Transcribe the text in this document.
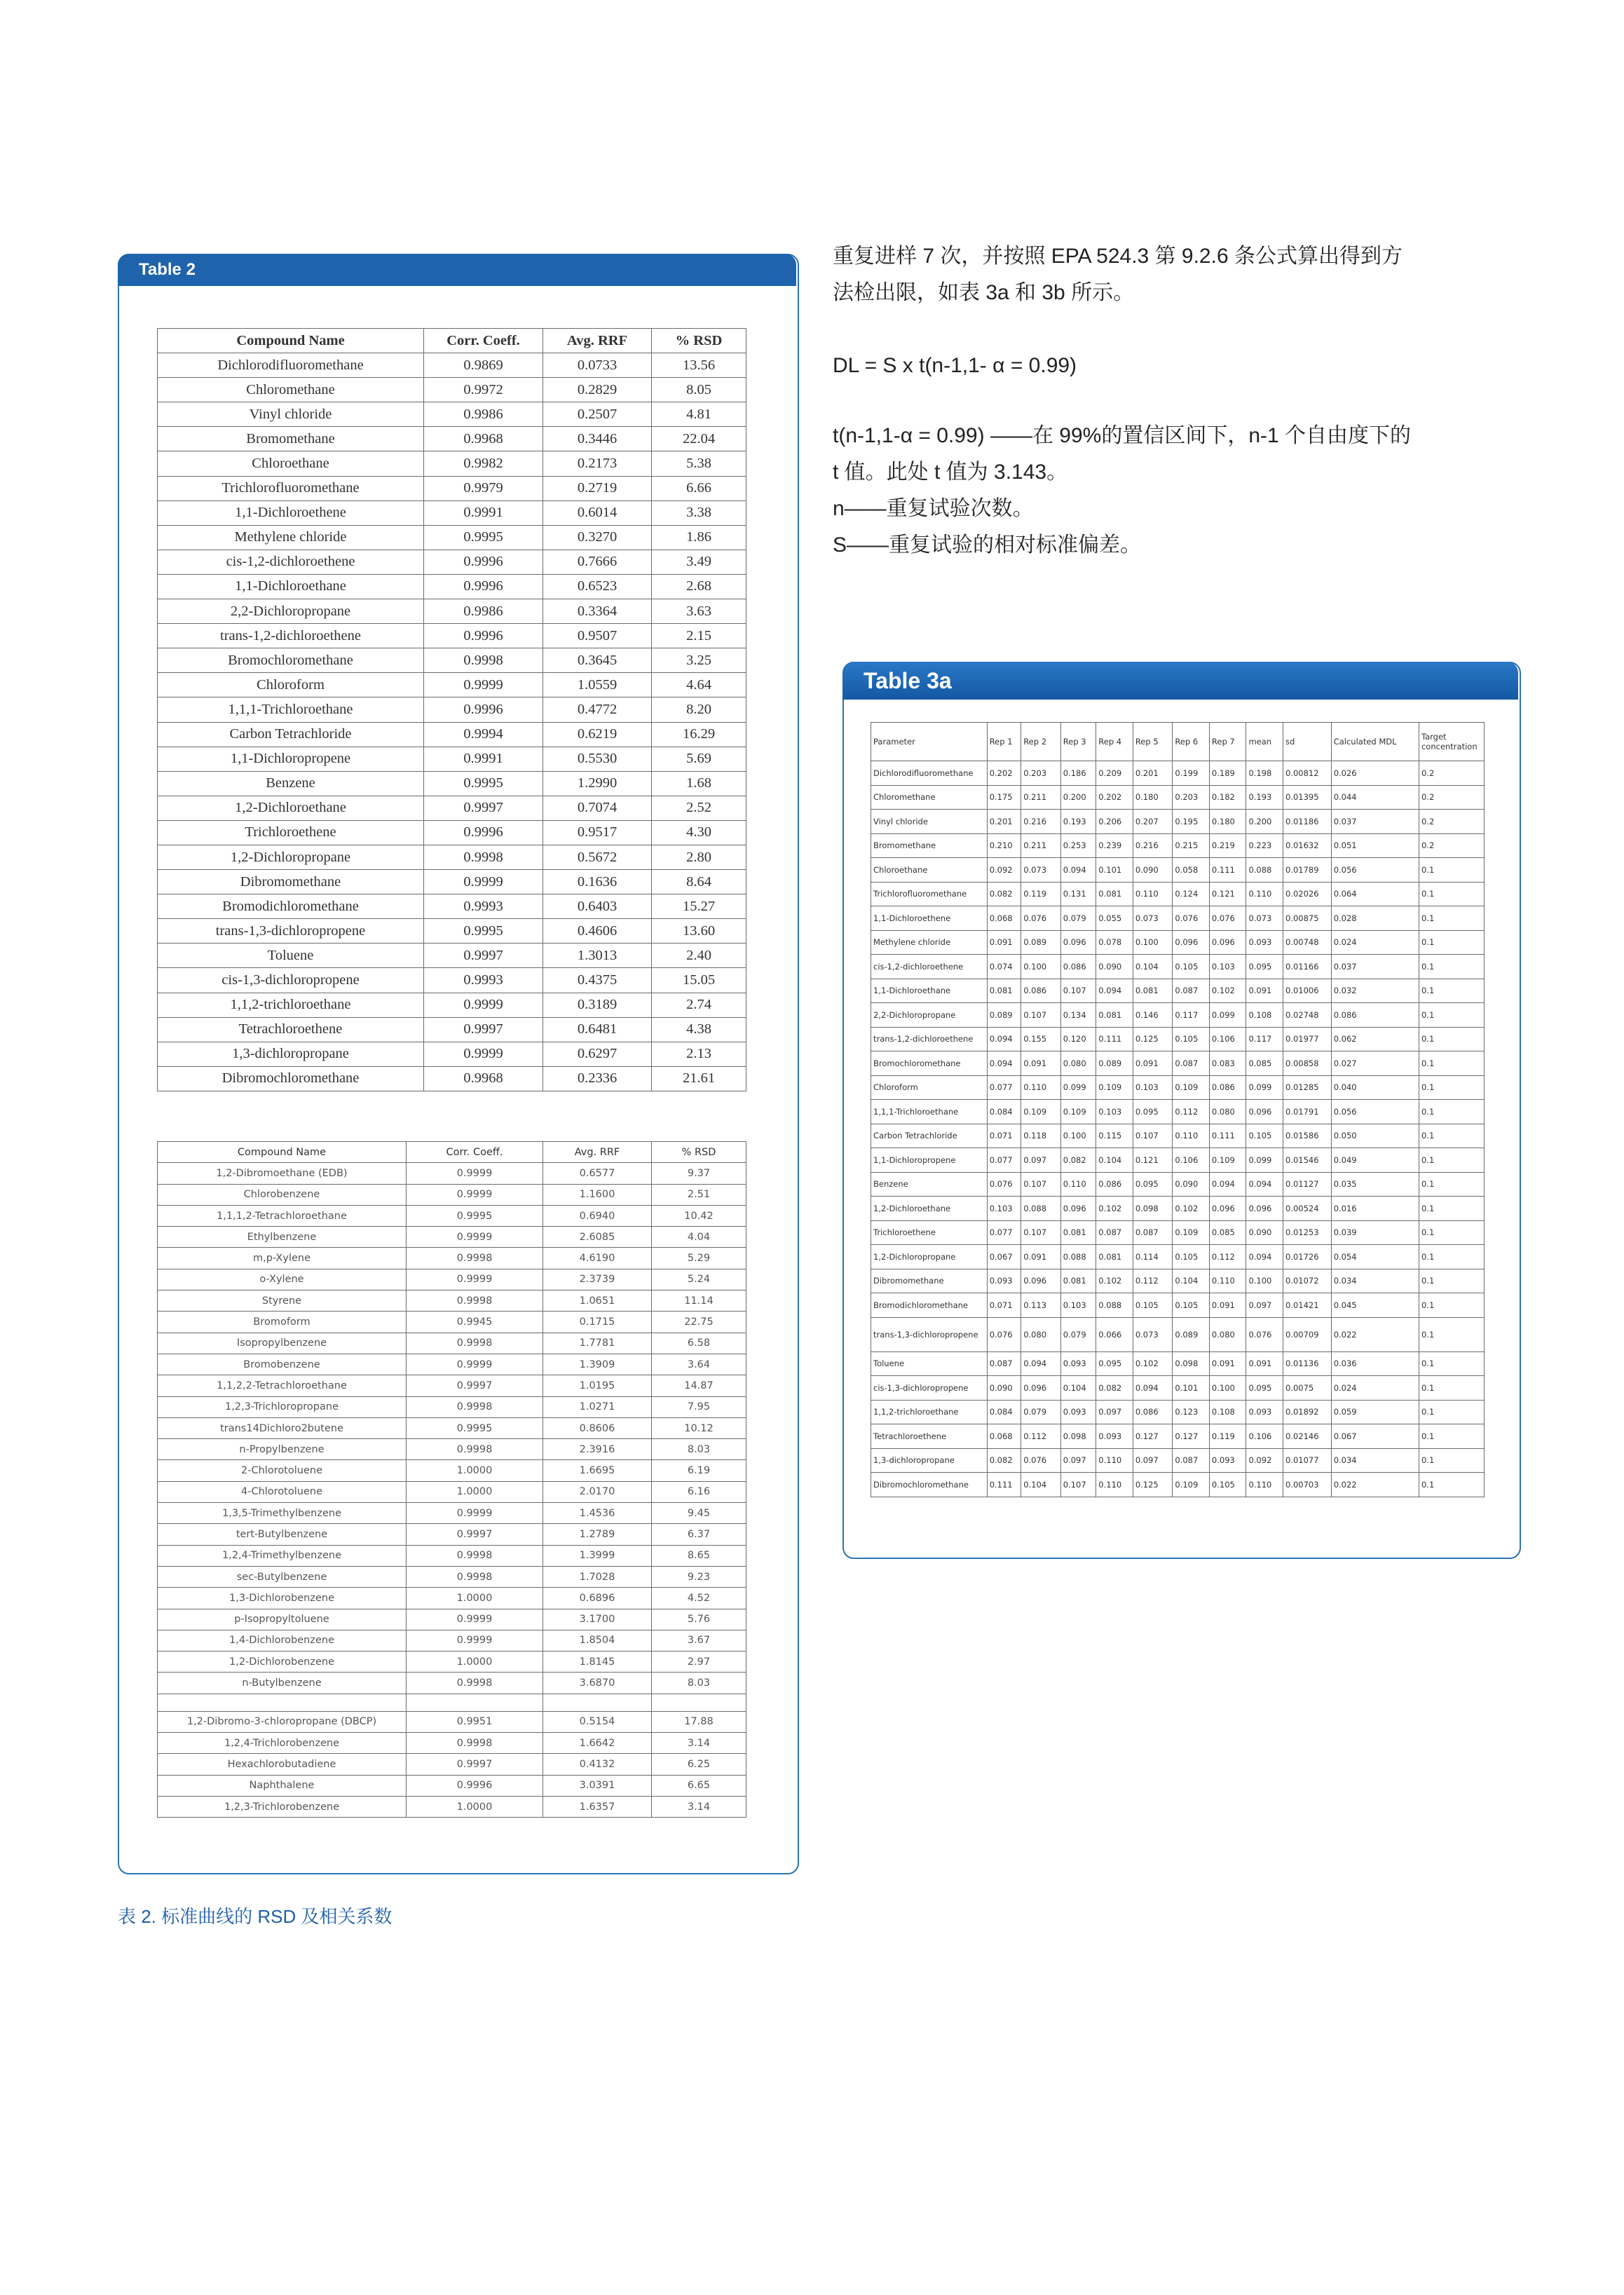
Table 2
Compound Name	Corr. Coeff.	Avg. RRF	% RSD
Dichlorodifluoromethane	0.9869	0.0733	13.56
Chloromethane	0.9972	0.2829	8.05
Vinyl chloride	0.9986	0.2507	4.81
Bromomethane	0.9968	0.3446	22.04
Chloroethane	0.9982	0.2173	5.38
Trichlorofluoromethane	0.9979	0.2719	6.66
1,1-Dichloroethene	0.9991	0.6014	3.38
Methylene chloride	0.9995	0.3270	1.86
cis-1,2-dichloroethene	0.9996	0.7666	3.49
1,1-Dichloroethane	0.9996	0.6523	2.68
2,2-Dichloropropane	0.9986	0.3364	3.63
trans-1,2-dichloroethene	0.9996	0.9507	2.15
Bromochloromethane	0.9998	0.3645	3.25
Chloroform	0.9999	1.0559	4.64
1,1,1-Trichloroethane	0.9996	0.4772	8.20
Carbon Tetrachloride	0.9994	0.6219	16.29
1,1-Dichloropropene	0.9991	0.5530	5.69
Benzene	0.9995	1.2990	1.68
1,2-Dichloroethane	0.9997	0.7074	2.52
Trichloroethene	0.9996	0.9517	4.30
1,2-Dichloropropane	0.9998	0.5672	2.80
Dibromomethane	0.9999	0.1636	8.64
Bromodichloromethane	0.9993	0.6403	15.27
trans-1,3-dichloropropene	0.9995	0.4606	13.60
Toluene	0.9997	1.3013	2.40
cis-1,3-dichloropropene	0.9993	0.4375	15.05
1,1,2-trichloroethane	0.9999	0.3189	2.74
Tetrachloroethene	0.9997	0.6481	4.38
1,3-dichloropropane	0.9999	0.6297	2.13
Dibromochloromethane	0.9968	0.2336	21.61
Compound Name	Corr. Coeff.	Avg. RRF	% RSD
1,2-Dibromoethane (EDB)	0.9999	0.6577	9.37
Chlorobenzene	0.9999	1.1600	2.51
1,1,1,2-Tetrachloroethane	0.9995	0.6940	10.42
Ethylbenzene	0.9999	2.6085	4.04
m,p-Xylene	0.9998	4.6190	5.29
o-Xylene	0.9999	2.3739	5.24
Styrene	0.9998	1.0651	11.14
Bromoform	0.9945	0.1715	22.75
Isopropylbenzene	0.9998	1.7781	6.58
Bromobenzene	0.9999	1.3909	3.64
1,1,2,2-Tetrachloroethane	0.9997	1.0195	14.87
1,2,3-Trichloropropane	0.9998	1.0271	7.95
trans14Dichloro2butene	0.9995	0.8606	10.12
n-Propylbenzene	0.9998	2.3916	8.03
2-Chlorotoluene	1.0000	1.6695	6.19
4-Chlorotoluene	1.0000	2.0170	6.16
1,3,5-Trimethylbenzene	0.9999	1.4536	9.45
tert-Butylbenzene	0.9997	1.2789	6.37
1,2,4-Trimethylbenzene	0.9998	1.3999	8.65
sec-Butylbenzene	0.9998	1.7028	9.23
1,3-Dichlorobenzene	1.0000	0.6896	4.52
p-Isopropyltoluene	0.9999	3.1700	5.76
1,4-Dichlorobenzene	0.9999	1.8504	3.67
1,2-Dichlorobenzene	1.0000	1.8145	2.97
n-Butylbenzene	0.9998	3.6870	8.03

1,2-Dibromo-3-chloropropane (DBCP)	0.9951	0.5154	17.88
1,2,4-Trichlorobenzene	0.9998	1.6642	3.14
Hexachlorobutadiene	0.9997	0.4132	6.25
Naphthalene	0.9996	3.0391	6.65
1,2,3-Trichlorobenzene	1.0000	1.6357	3.14
表 2. 标准曲线的 RSD 及相关系数
重复进样 7 次，并按照 EPA 524.3 第 9.2.6 条公式算出得到方
法检出限，如表 3a 和 3b 所示。
DL = S x t(n-1,1- α = 0.99)
t(n-1,1-α = 0.99) ——在 99%的置信区间下，n-1 个自由度下的
t 值。此处 t 值为 3.143。
n——重复试验次数。
S——重复试验的相对标准偏差。
Table 3a
Parameter	Rep 1	Rep 2	Rep 3	Rep 4	Rep 5	Rep 6	Rep 7	mean	sd	Calculated MDL	Target concentration
Dichlorodifluoromethane	0.202	0.203	0.186	0.209	0.201	0.199	0.189	0.198	0.00812	0.026	0.2
Chloromethane	0.175	0.211	0.200	0.202	0.180	0.203	0.182	0.193	0.01395	0.044	0.2
Vinyl chloride	0.201	0.216	0.193	0.206	0.207	0.195	0.180	0.200	0.01186	0.037	0.2
Bromomethane	0.210	0.211	0.253	0.239	0.216	0.215	0.219	0.223	0.01632	0.051	0.2
Chloroethane	0.092	0.073	0.094	0.101	0.090	0.058	0.111	0.088	0.01789	0.056	0.1
Trichlorofluoromethane	0.082	0.119	0.131	0.081	0.110	0.124	0.121	0.110	0.02026	0.064	0.1
1,1-Dichloroethene	0.068	0.076	0.079	0.055	0.073	0.076	0.076	0.073	0.00875	0.028	0.1
Methylene chloride	0.091	0.089	0.096	0.078	0.100	0.096	0.096	0.093	0.00748	0.024	0.1
cis-1,2-dichloroethene	0.074	0.100	0.086	0.090	0.104	0.105	0.103	0.095	0.01166	0.037	0.1
1,1-Dichloroethane	0.081	0.086	0.107	0.094	0.081	0.087	0.102	0.091	0.01006	0.032	0.1
2,2-Dichloropropane	0.089	0.107	0.134	0.081	0.146	0.117	0.099	0.108	0.02748	0.086	0.1
trans-1,2-dichloroethene	0.094	0.155	0.120	0.111	0.125	0.105	0.106	0.117	0.01977	0.062	0.1
Bromochloromethane	0.094	0.091	0.080	0.089	0.091	0.087	0.083	0.085	0.00858	0.027	0.1
Chloroform	0.077	0.110	0.099	0.109	0.103	0.109	0.086	0.099	0.01285	0.040	0.1
1,1,1-Trichloroethane	0.084	0.109	0.109	0.103	0.095	0.112	0.080	0.096	0.01791	0.056	0.1
Carbon Tetrachloride	0.071	0.118	0.100	0.115	0.107	0.110	0.111	0.105	0.01586	0.050	0.1
1,1-Dichloropropene	0.077	0.097	0.082	0.104	0.121	0.106	0.109	0.099	0.01546	0.049	0.1
Benzene	0.076	0.107	0.110	0.086	0.095	0.090	0.094	0.094	0.01127	0.035	0.1
1,2-Dichloroethane	0.103	0.088	0.096	0.102	0.098	0.102	0.096	0.096	0.00524	0.016	0.1
Trichloroethene	0.077	0.107	0.081	0.087	0.087	0.109	0.085	0.090	0.01253	0.039	0.1
1,2-Dichloropropane	0.067	0.091	0.088	0.081	0.114	0.105	0.112	0.094	0.01726	0.054	0.1
Dibromomethane	0.093	0.096	0.081	0.102	0.112	0.104	0.110	0.100	0.01072	0.034	0.1
Bromodichloromethane	0.071	0.113	0.103	0.088	0.105	0.105	0.091	0.097	0.01421	0.045	0.1
trans-1,3-dichloropropene	0.076	0.080	0.079	0.066	0.073	0.089	0.080	0.076	0.00709	0.022	0.1
Toluene	0.087	0.094	0.093	0.095	0.102	0.098	0.091	0.091	0.01136	0.036	0.1
cis-1,3-dichloropropene	0.090	0.096	0.104	0.082	0.094	0.101	0.100	0.095	0.0075	0.024	0.1
1,1,2-trichloroethane	0.084	0.079	0.093	0.097	0.086	0.123	0.108	0.093	0.01892	0.059	0.1
Tetrachloroethene	0.068	0.112	0.098	0.093	0.127	0.127	0.119	0.106	0.02146	0.067	0.1
1,3-dichloropropane	0.082	0.076	0.097	0.110	0.097	0.087	0.093	0.092	0.01077	0.034	0.1
Dibromochloromethane	0.111	0.104	0.107	0.110	0.125	0.109	0.105	0.110	0.00703	0.022	0.1
